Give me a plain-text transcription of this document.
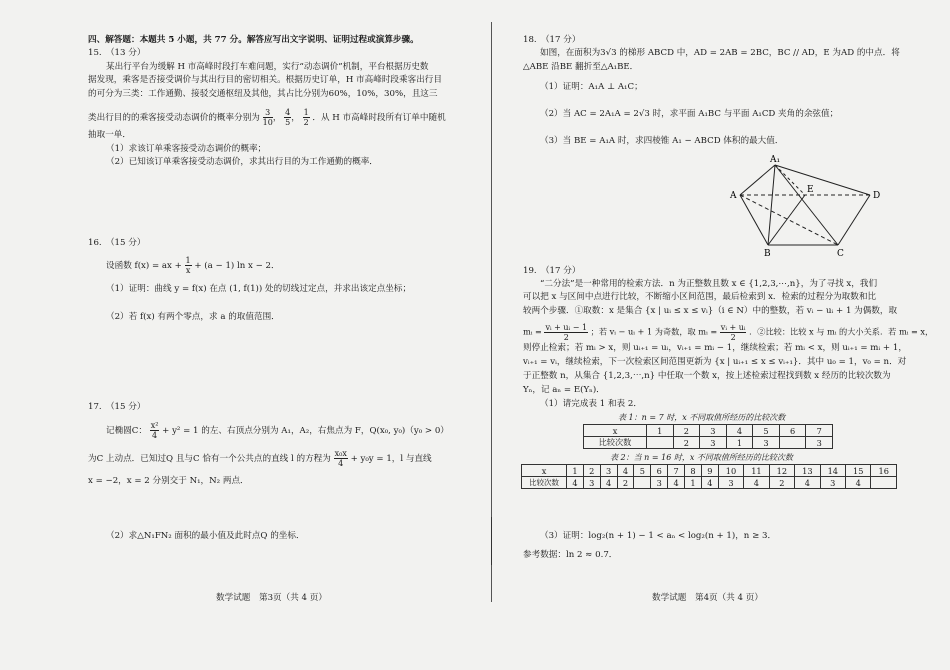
四、解答题：本题共 5 小题，共 77 分。解答应写出文字说明、证明过程或演算步骤。
15.　（13 分）
某出行平台为缓解 H 市高峰时段打车难问题，实行“动态调价”机制，平台根据历史数
据发现，乘客是否接受调价与其出行目的密切相关。根据历史订单，H 市高峰时段乘客出行目
的可分为三类：工作通勤、接驳交通枢纽及其他，其占比分别为60%，10%，30%，且这三
类出行目的的乘客接受动态调价的概率分别为 $\frac{3}{10}$ ， $\frac{4}{5}$ ， $\frac{1}{2}$ ．从 H 市高峰时段所有订单中随机
抽取一单．
（1）求该订单乘客接受动态调价的概率；
（2）已知该订单乘客接受动态调价，求其出行目的为工作通勤的概率．
16.　（15 分）
设函数 f(x) = ax + $\frac{1}{x} + (a - 1)$ ln x − 2．
（1）证明：曲线 y = f(x) 在点 (1, f(1)) 处的切线过定点，并求出该定点坐标；
（2）若 f(x) 有两个零点，求 a 的取值范围．
17.　（15 分）
记椭圆C： $\frac{\text{x²}}{4} + y^2 = 1$ 的左、右顶点分别为 A₁，A₂，右焦点为 F，Q(x₀, y₀)（y₀ > 0）
为C 上动点．已知过Q 且与C 恰有一个公共点的直线 l 的方程为 $\frac{\text{x₀x}}{4} + y_0y = 1$，l 与直线
x = −2，x = 2 分别交于 N₁，N₂ 两点．
（2）求△N₁FN₂ 面积的最小值及此时点Q 的坐标．
数学试题　第3页（共 4 页）
18.　（17 分）
如图，在面积为3√3 的梯形 ABCD 中，AD = 2AB = 2BC，BC // AD，E 为AD 的中点．将
△ABE 沿BE 翻折至△A₁BE．
（1）证明：A₁A ⊥ A₁C；
（2）当 AC = 2A₁A = 2√3 时，求平面 A₁BC 与平面 A₁CD 夹角的余弦值；
（3）当 BE = A₁A 时，求四棱锥 A₁ − ABCD 体积的最大值．
A₁
A
E
D
B	C
19.　（17 分）
“二分法”是一种常用的检索方法．n 为正整数且数 x ∈ {1,2,3,⋯,n}，为了寻找 x，我们
可以把 x 与区间中点进行比较，不断缩小区间范围，最后检索到 x．检索的过程分为取数和比
较两个步骤．①取数：x 是集合 {x | uᵢ ≤ x ≤ vᵢ}（i ∈ N）中的整数，若 vᵢ − uᵢ + 1 为偶数，取
mᵢ = $\frac{\text{vᵢ + uᵢ − 1}}{2}$ ；若 vᵢ − uᵢ + 1 为奇数，取 mᵢ = $\frac{\text{vᵢ + uᵢ}}{2}$ ．②比较：比较 x 与 mᵢ 的大小关系．若 mᵢ = x，
则停止检索；若 mᵢ > x，则 uᵢ₊₁ = uᵢ，vᵢ₊₁ = mᵢ − 1，继续检索；若 mᵢ < x，则 uᵢ₊₁ = mᵢ + 1，
vᵢ₊₁ = vᵢ，继续检索，下一次检索区间范围更新为 {x | uᵢ₊₁ ≤ x ≤ vᵢ₊₁}．其中 u₀ = 1，v₀ = n．对
于正整数 n，从集合 {1,2,3,⋯,n} 中任取一个数 x，按上述检索过程找到数 x 经历的比较次数为
Yₙ，记 aₙ = E(Yₙ)．
（1）请完成表 1 和表 2．
表 1：n = 7 时，x 不同取值所经历的比较次数
x	1	2	3	4	5	6	7
比较次数		2	3	1	3		3
表 2：当 n = 16 时，x 不同取值所经历的比较次数
x	1	2	3	4	5	6	7	8	9	10	11	12	13	14	15	16
比较次数	4	3	4	2		3	4	1	4	3	4	2	4	3	4	
（3）证明：log₂(n + 1) − 1 < aₙ < log₂(n + 1)，n ≥ 3．
参考数据：ln 2 ≈ 0.7．
数学试题　第4页（共 4 页）
